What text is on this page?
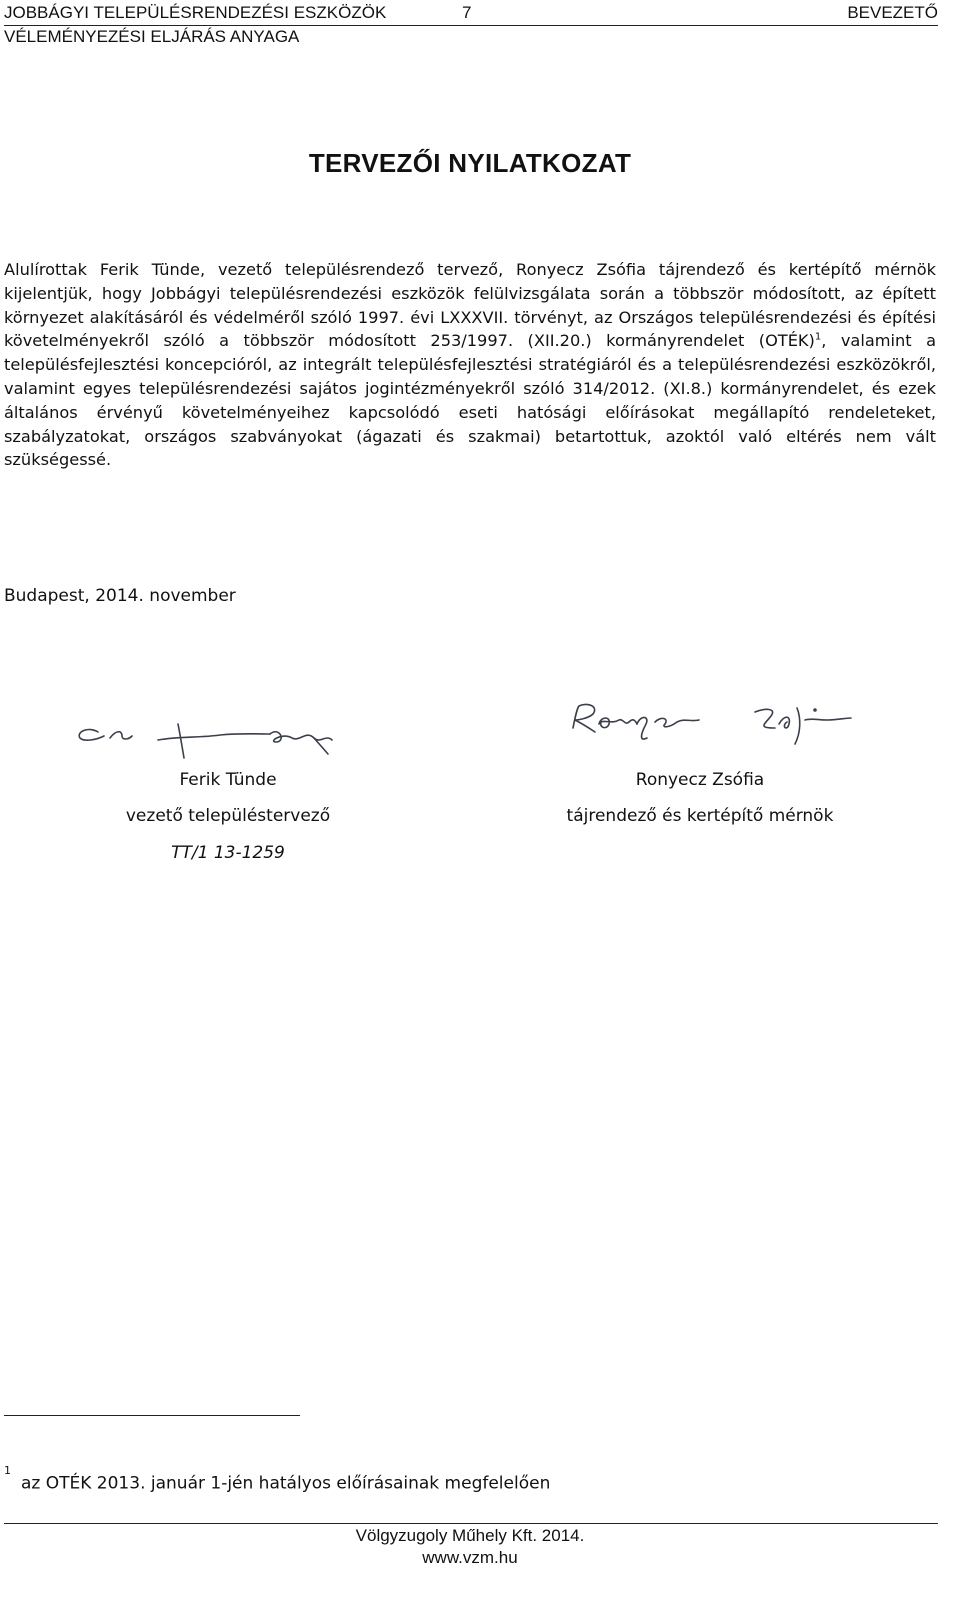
JOBBÁGYI TELEPÜLÉSRENDEZÉSI ESZKÖZÖK	7	BEVEZETŐ
VÉLEMÉNYEZÉSI ELJÁRÁS ANYAGA
TERVEZŐI NYILATKOZAT
Alulírottak Ferik Tünde, vezető településrendező tervező, Ronyecz Zsófia tájrendező és kertépítő mérnök kijelentjük, hogy Jobbágyi településrendezési eszközök felülvizsgálata során a többször módosított, az épített környezet alakításáról és védelméről szóló 1997. évi LXXXVII. törvényt, az Országos településrendezési és építési követelményekről szóló a többször módosított 253/1997. (XII.20.) kormányrendelet (OTÉK)$^1$, valamint a településfejlesztési koncepcióról, az integrált településfejlesztési stratégiáról és a településrendezési eszközökről, valamint egyes településrendezési sajátos jogintézményekről szóló 314/2012. (XI.8.) kormányrendelet, és ezek általános érvényű követelményeihez kapcsolódó eseti hatósági előírásokat megállapító rendeleteket, szabályzatokat, országos szabványokat (ágazati és szakmai) betartottuk, azoktól való eltérés nem vált szükségessé.
Budapest, 2014. november
Ferik Tünde
vezető településtervező
TT/1 13-1259
Ronyecz Zsófia
tájrendező és kertépítő mérnök
$^1$az OTÉK 2013. január 1-jén hatályos előírásainak megfelelően
Völgyzugoly Műhely Kft. 2014.
www.vzm.hu
